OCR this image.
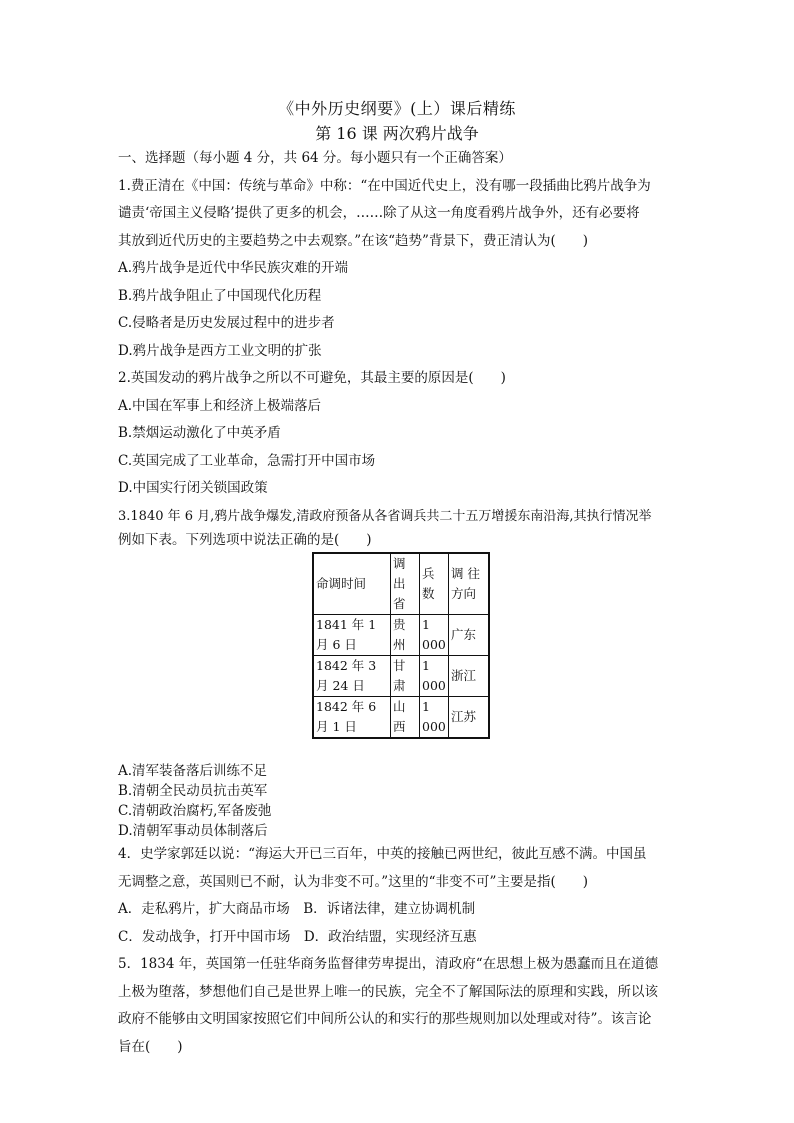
《中外历史纲要》(上）课后精练
第 16 课 两次鸦片战争
一、选择题（每小题 4 分，共 64 分。每小题只有一个正确答案）
1.费正清在《中国：传统与革命》中称：“在中国近代史上，没有哪一段插曲比鸦片战争为
谴责‘帝国主义侵略’提供了更多的机会，……除了从这一角度看鸦片战争外，还有必要将
其放到近代历史的主要趋势之中去观察。”在该“趋势”背景下，费正清认为(　　)
A.鸦片战争是近代中华民族灾难的开端
B.鸦片战争阻止了中国现代化历程
C.侵略者是历史发展过程中的进步者
D.鸦片战争是西方工业文明的扩张
2.英国发动的鸦片战争之所以不可避免，其最主要的原因是(　　)
A.中国在军事上和经济上极端落后
B.禁烟运动激化了中英矛盾
C.英国完成了工业革命，急需打开中国市场
D.中国实行闭关锁国政策
3.1840 年 6 月,鸦片战争爆发,清政府预备从各省调兵共二十五万增援东南沿海,其执行情况举
例如下表。下列选项中说法正确的是(　　)
命调时间	调 出省	兵数	调 往方向
1841 年 1 月 6 日	贵州	1 000	广东
1842 年 3 月 24 日	甘肃	1 000	浙江
1842 年 6 月 1 日	山西	1 000	江苏
A.清军装备落后训练不足
B.清朝全民动员抗击英军
C.清朝政治腐朽,军备废弛
D.清朝军事动员体制落后
4．史学家郭廷以说：“海运大开已三百年，中英的接触已两世纪，彼此互感不满。中国虽
无调整之意，英国则已不耐，认为非变不可。”这里的“非变不可”主要是指(　　)
A．走私鸦片，扩大商品市场　B．诉诸法律，建立协调机制
C．发动战争，打开中国市场　D．政治结盟，实现经济互惠
5．1834 年，英国第一任驻华商务监督律劳卑提出，清政府“在思想上极为愚蠢而且在道德
上极为堕落，梦想他们自己是世界上唯一的民族，完全不了解国际法的原理和实践，所以该
政府不能够由文明国家按照它们中间所公认的和实行的那些规则加以处理或对待”。该言论
旨在(　　)
